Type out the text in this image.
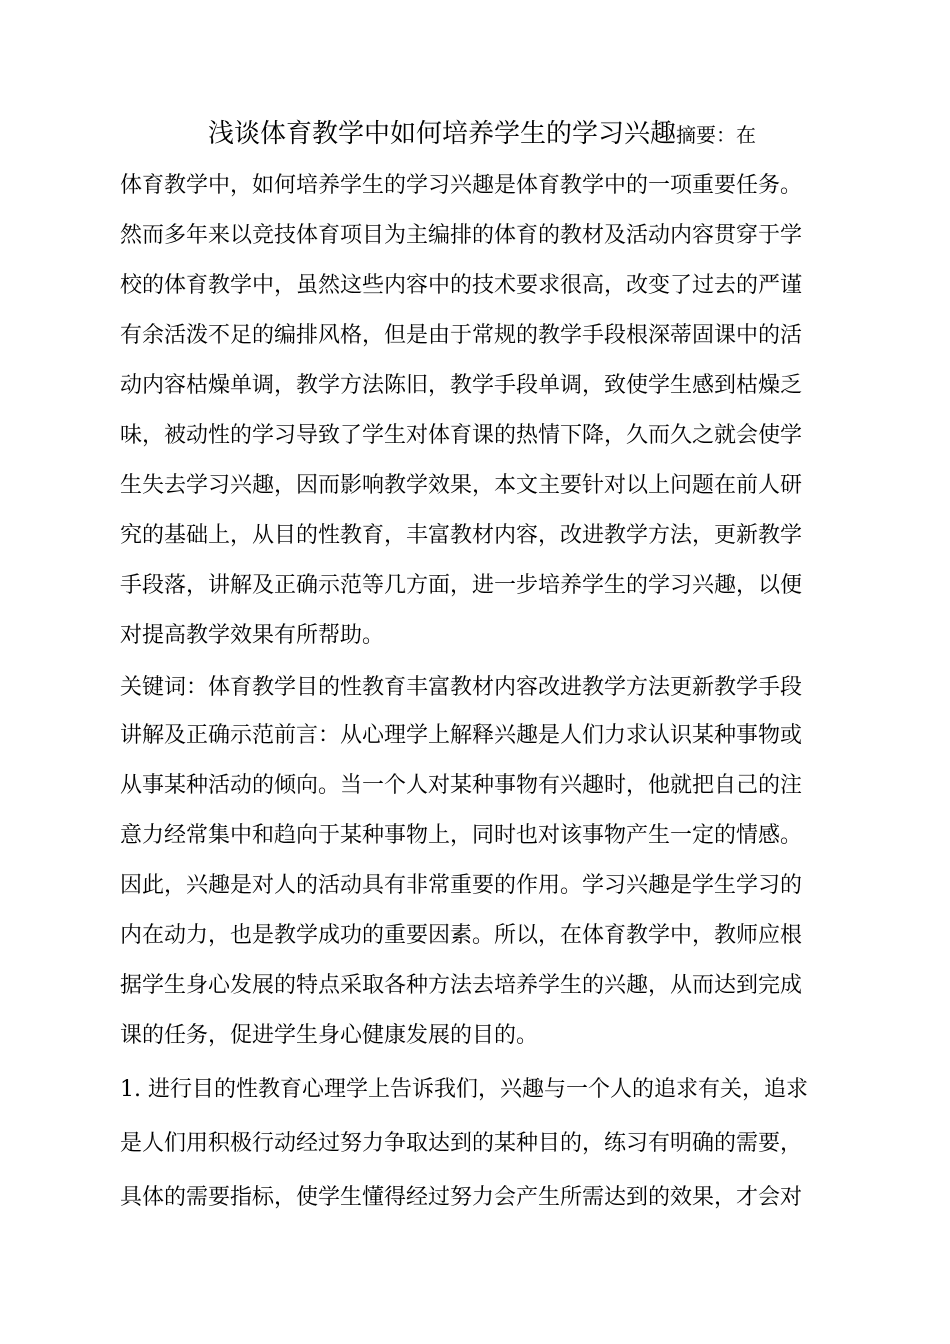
浅谈体育教学中如何培养学生的学习兴趣摘要：在
体育教学中，如何培养学生的学习兴趣是体育教学中的一项重要任务。
然而多年来以竞技体育项目为主编排的体育的教材及活动内容贯穿于学
校的体育教学中，虽然这些内容中的技术要求很高，改变了过去的严谨
有余活泼不足的编排风格，但是由于常规的教学手段根深蒂固课中的活
动内容枯燥单调，教学方法陈旧，教学手段单调，致使学生感到枯燥乏
味，被动性的学习导致了学生对体育课的热情下降，久而久之就会使学
生失去学习兴趣，因而影响教学效果，本文主要针对以上问题在前人研
究的基础上，从目的性教育，丰富教材内容，改进教学方法，更新教学
手段落，讲解及正确示范等几方面，进一步培养学生的学习兴趣，以便
对提高教学效果有所帮助。
关键词：体育教学目的性教育丰富教材内容改进教学方法更新教学手段
讲解及正确示范前言：从心理学上解释兴趣是人们力求认识某种事物或
从事某种活动的倾向。当一个人对某种事物有兴趣时，他就把自己的注
意力经常集中和趋向于某种事物上，同时也对该事物产生一定的情感。
因此，兴趣是对人的活动具有非常重要的作用。学习兴趣是学生学习的
内在动力，也是教学成功的重要因素。所以，在体育教学中，教师应根
据学生身心发展的特点采取各种方法去培养学生的兴趣，从而达到完成
课的任务，促进学生身心健康发展的目的。
1. 进行目的性教育心理学上告诉我们，兴趣与一个人的追求有关，追求
是人们用积极行动经过努力争取达到的某种目的，练习有明确的需要，
具体的需要指标，使学生懂得经过努力会产生所需达到的效果，才会对
